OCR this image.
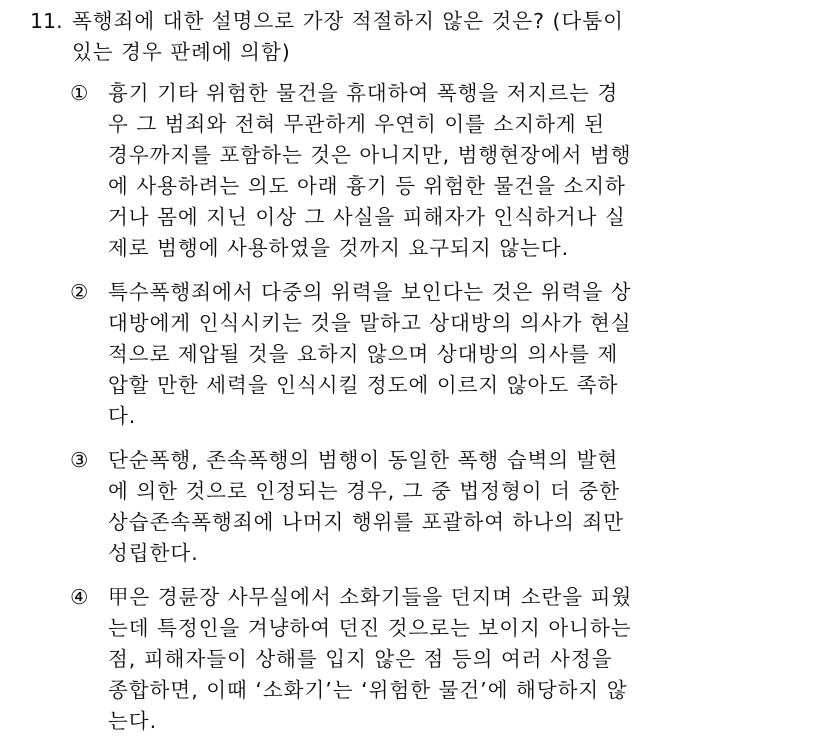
11. 폭행죄에 대한 설명으로 가장 적절하지 않은 것은? (다툼이
있는 경우 판례에 의함)
① 흉기 기타 위험한 물건을 휴대하여 폭행을 저지르는 경
우 그 범죄와 전혀 무관하게 우연히 이를 소지하게 된
경우까지를 포함하는 것은 아니지만, 범행현장에서 범행
에 사용하려는 의도 아래 흉기 등 위험한 물건을 소지하
거나 몸에 지닌 이상 그 사실을 피해자가 인식하거나 실
제로 범행에 사용하였을 것까지 요구되지 않는다.
② 특수폭행죄에서 다중의 위력을 보인다는 것은 위력을 상
대방에게 인식시키는 것을 말하고 상대방의 의사가 현실
적으로 제압될 것을 요하지 않으며 상대방의 의사를 제
압할 만한 세력을 인식시킬 정도에 이르지 않아도 족하
다.
③ 단순폭행, 존속폭행의 범행이 동일한 폭행 습벽의 발현
에 의한 것으로 인정되는 경우, 그 중 법정형이 더 중한
상습존속폭행죄에 나머지 행위를 포괄하여 하나의 죄만
성립한다.
④ 甲은 경륜장 사무실에서 소화기들을 던지며 소란을 피웠
는데 특정인을 겨냥하여 던진 것으로는 보이지 아니하는
점, 피해자들이 상해를 입지 않은 점 등의 여러 사정을
종합하면, 이때 ‘소화기’는 ‘위험한 물건’에 해당하지 않
는다.
